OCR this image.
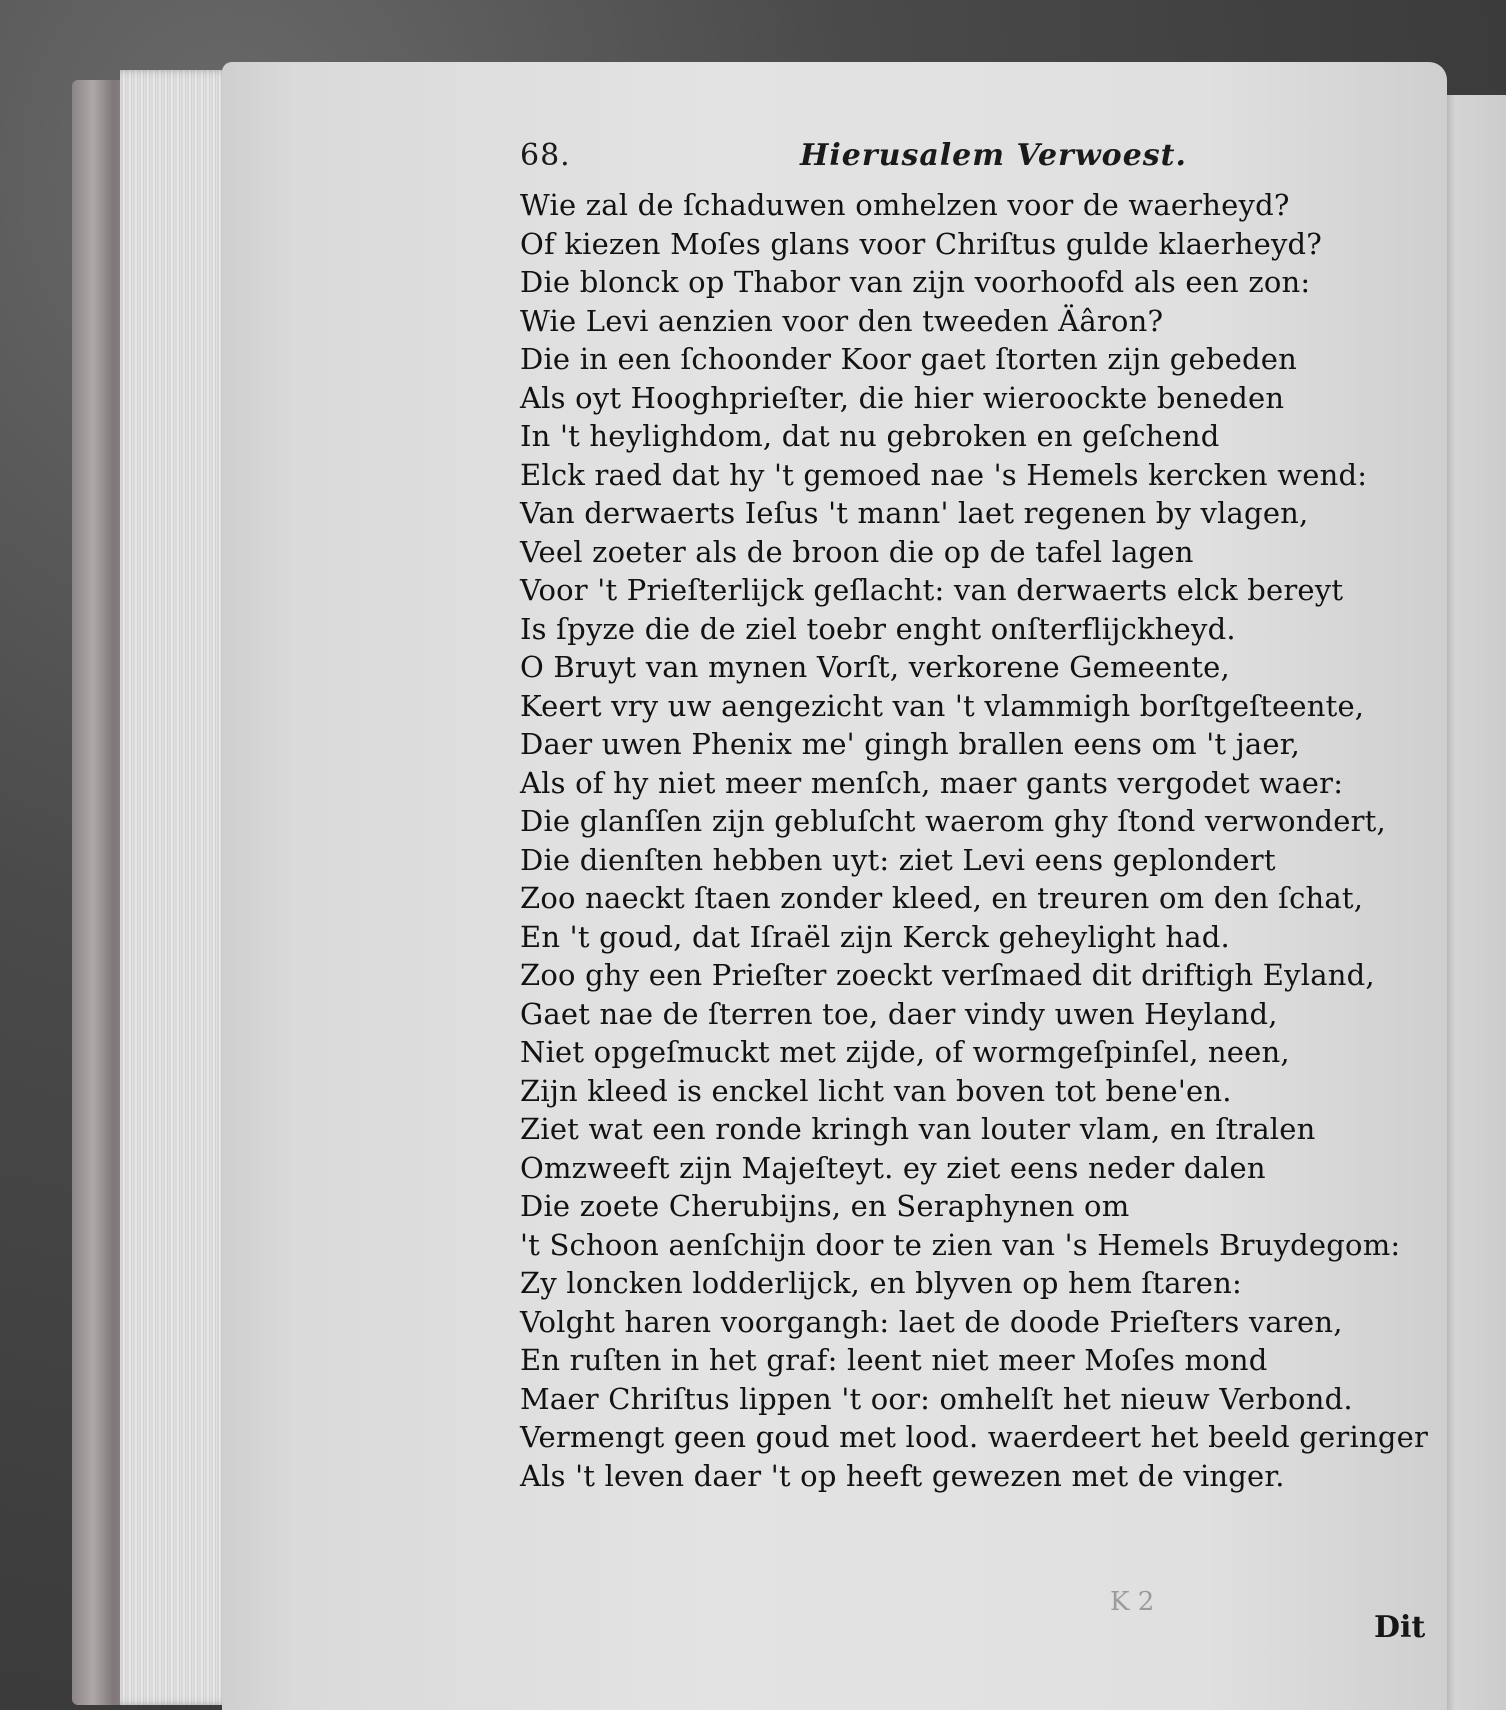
68.	Hierusalem Verwoest.
Wie zal de ſchaduwen omhelzen voor de waerheyd?
Of kiezen Moſes glans voor Chriſtus gulde klaerheyd?
Die blonck op Thabor van zijn voorhoofd als een zon:
Wie Levi aenzien voor den tweeden Äâron?
Die in een ſchoonder Koor gaet ſtorten zijn gebeden
Als oyt Hooghprieſter, die hier wieroockte beneden
In 't heylighdom, dat nu gebroken en geſchend
Elck raed dat hy 't gemoed nae 's Hemels kercken wend:
Van derwaerts Ieſus 't mann' laet regenen by vlagen,
Veel zoeter als de broon die op de tafel lagen
Voor 't Prieſterlijck geſlacht: van derwaerts elck bereyt
Is ſpyze die de ziel toebr enght onſterflijckheyd.
O Bruyt van mynen Vorſt, verkorene Gemeente,
Keert vry uw aengezicht van 't vlammigh borſtgeſteente,
Daer uwen Phenix me' gingh brallen eens om 't jaer,
Als of hy niet meer menſch, maer gants vergodet waer:
Die glanſſen zijn gebluſcht waerom ghy ſtond verwondert,
Die dienſten hebben uyt: ziet Levi eens geplondert
Zoo naeckt ſtaen zonder kleed, en treuren om den ſchat,
En 't goud, dat Iſraël zijn Kerck geheylight had.
Zoo ghy een Prieſter zoeckt verſmaed dit driftigh Eyland,
Gaet nae de ſterren toe, daer vindy uwen Heyland,
Niet opgeſmuckt met zijde, of wormgeſpinſel, neen,
Zijn kleed is enckel licht van boven tot bene'en.
Ziet wat een ronde kringh van louter vlam, en ſtralen
Omzweeft zijn Majeſteyt. ey ziet eens neder dalen
Die zoete Cherubijns, en Seraphynen om
't Schoon aenſchijn door te zien van 's Hemels Bruydegom:
Zy loncken lodderlijck, en blyven op hem ſtaren:
Volght haren voorgangh: laet de doode Prieſters varen,
En ruſten in het graf: leent niet meer Moſes mond
Maer Chriſtus lippen 't oor: omhelſt het nieuw Verbond.
Vermengt geen goud met lood. waerdeert het beeld geringer
Als 't leven daer 't op heeft gewezen met de vinger.
K 2
Dit
